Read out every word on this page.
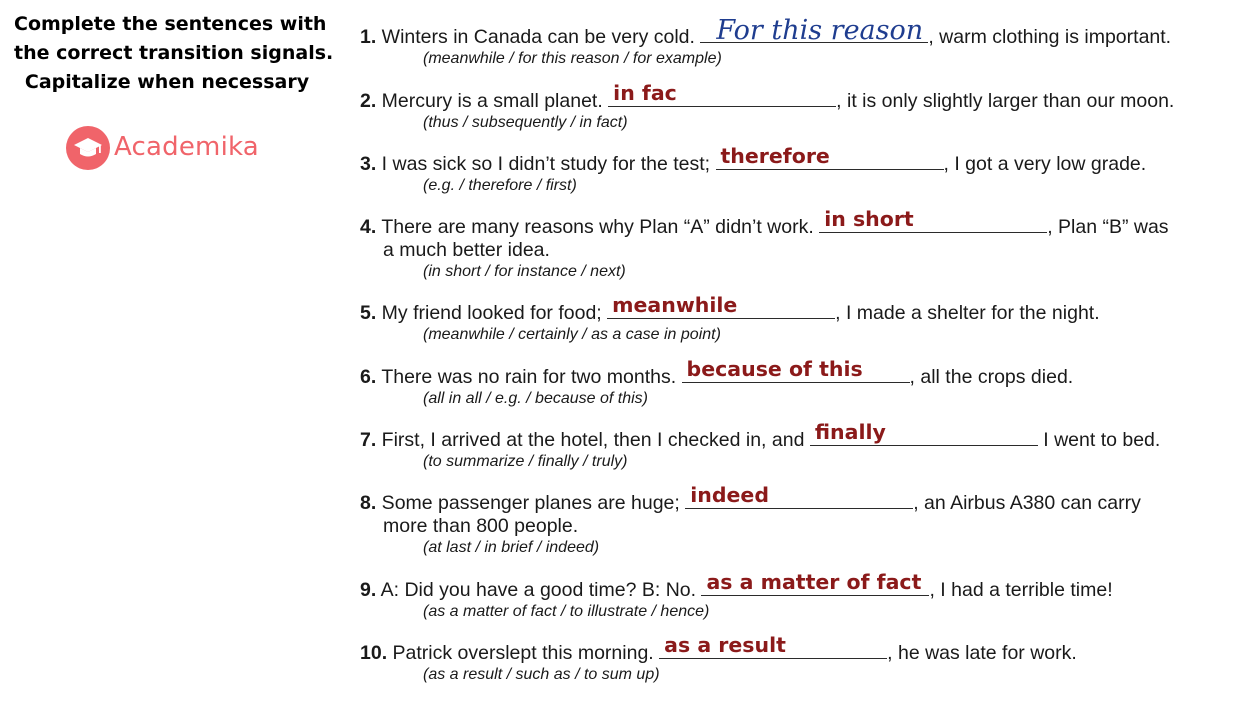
Complete the sentences with
the correct transition signals.
Capitalize when necessary
Academika
1. Winters in Canada can be very cold. For this reason , warm clothing is important.
(meanwhile / for this reason / for example)
2. Mercury is a small planet. in fac	, it is only slightly larger than our moon.
(thus / subsequently / in fact)
3. I was sick so I didn’t study for the test; therefore	, I got a very low grade.
(e.g. / therefore / first)
4. There are many reasons why Plan “A” didn’t work. in short	, Plan “B” was
a much better idea.
(in short / for instance / next)
5. My friend looked for food; meanwhile	, I made a shelter for the night.
(meanwhile / certainly / as a case in point)
6. There was no rain for two months. because of this , all the crops died.
(all in all / e.g. / because of this)
7. First, I arrived at the hotel, then I checked in, and finally	I went to bed.
(to summarize / finally / truly)
8. Some passenger planes are huge; indeed	, an Airbus A380 can carry
more than 800 people.
(at last / in brief / indeed)
9. A: Did you have a good time? B: No. as a matter of fact , I had a terrible time!
(as a matter of fact / to illustrate / hence)
10. Patrick overslept this morning. as a result	, he was late for work.
(as a result / such as / to sum up)
